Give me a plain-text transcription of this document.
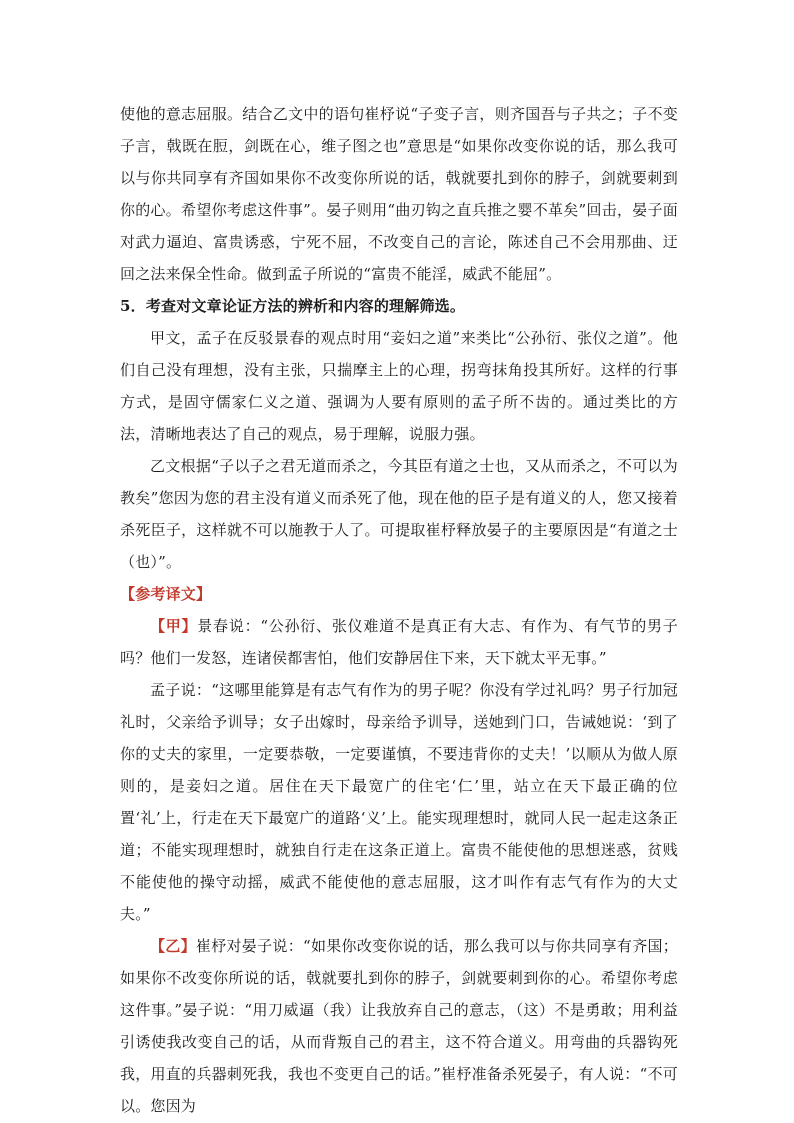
使他的意志屈服。结合乙文中的语句崔杼说“子变子言，则齐国吾与子共之；子不变子言，戟既在脰，剑既在心，维子图之也”意思是“如果你改变你说的话，那么我可以与你共同享有齐国如果你不改变你所说的话，戟就要扎到你的脖子，剑就要刺到你的心。希望你考虑这件事”。晏子则用“曲刃钩之直兵推之婴不革矣”回击，晏子面对武力逼迫、富贵诱惑，宁死不屈，不改变自己的言论，陈述自己不会用那曲、迂回之法来保全性命。做到孟子所说的“富贵不能淫，威武不能屈”。

5．考查对文章论证方法的辨析和内容的理解筛选。

甲文，孟子在反驳景春的观点时用“妾妇之道”来类比“公孙衍、张仪之道”。他们自己没有理想，没有主张，只揣摩主上的心理，拐弯抹角投其所好。这样的行事方式，是固守儒家仁义之道、强调为人要有原则的孟子所不齿的。通过类比的方法，清晰地表达了自己的观点，易于理解，说服力强。

乙文根据“子以子之君无道而杀之，今其臣有道之士也，又从而杀之，不可以为教矣”您因为您的君主没有道义而杀死了他，现在他的臣子是有道义的人，您又接着杀死臣子，这样就不可以施教于人了。可提取崔杼释放晏子的主要原因是“有道之士（也）”。

【参考译文】

【甲】景春说：“公孙衍、张仪难道不是真正有大志、有作为、有气节的男子吗？他们一发怒，连诸侯都害怕，他们安静居住下来，天下就太平无事。”

孟子说：“这哪里能算是有志气有作为的男子呢？你没有学过礼吗？男子行加冠礼时，父亲给予训导；女子出嫁时，母亲给予训导，送她到门口，告诫她说：‘到了你的丈夫的家里，一定要恭敬，一定要谨慎，不要违背你的丈夫！’以顺从为做人原则的，是妾妇之道。居住在天下最宽广的住宅‘仁’里，站立在天下最正确的位置‘礼’上，行走在天下最宽广的道路‘义’上。能实现理想时，就同人民一起走这条正道；不能实现理想时，就独自行走在这条正道上。富贵不能使他的思想迷惑，贫贱不能使他的操守动摇，威武不能使他的意志屈服，这才叫作有志气有作为的大丈夫。”

【乙】崔杼对晏子说：“如果你改变你说的话，那么我可以与你共同享有齐国；如果你不改变你所说的话，戟就要扎到你的脖子，剑就要刺到你的心。希望你考虑这件事。”晏子说：“用刀威逼（我）让我放弃自己的意志，（这）不是勇敢；用利益引诱使我改变自己的话，从而背叛自己的君主，这不符合道义。用弯曲的兵器钩死我，用直的兵器刺死我，我也不变更自己的话。”崔杼准备杀死晏子，有人说：“不可以。您因为
